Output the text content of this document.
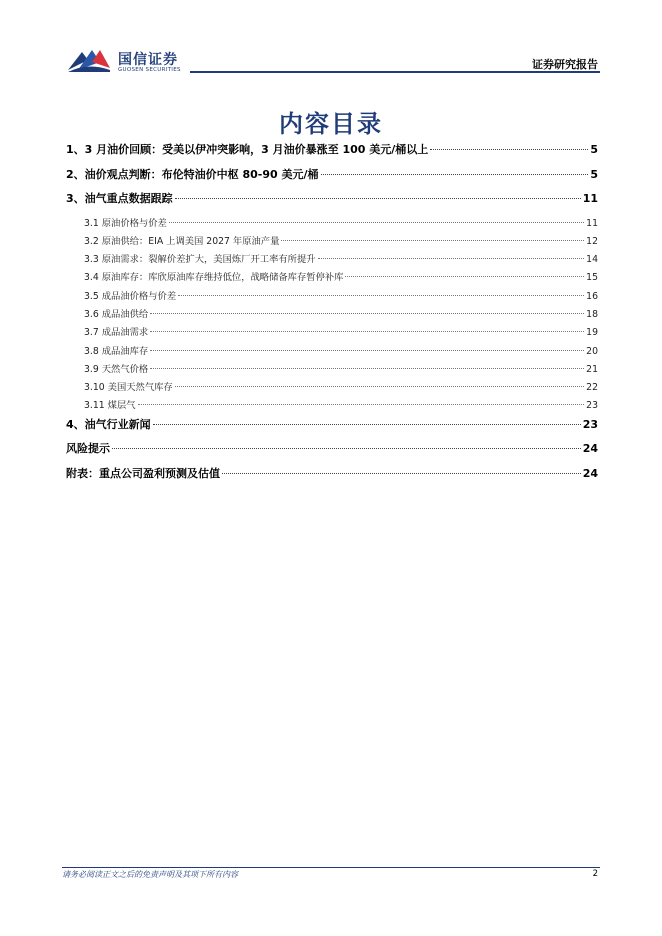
国信证券
GUOSEN SECURITIES	证券研究报告
内容目录
1、3 月油价回顾：受美以伊冲突影响，3 月油价暴涨至 100 美元/桶以上	5
2、油价观点判断：布伦特油价中枢 80-90 美元/桶	5
3、油气重点数据跟踪	11
3.1 原油价格与价差	11
3.2 原油供给：EIA 上调美国 2027 年原油产量	12
3.3 原油需求：裂解价差扩大，美国炼厂开工率有所提升	14
3.4 原油库存：库欣原油库存维持低位，战略储备库存暂停补库	15
3.5 成品油价格与价差	16
3.6 成品油供给	18
3.7 成品油需求	19
3.8 成品油库存	20
3.9 天然气价格	21
3.10 美国天然气库存	22
3.11 煤层气	23
4、油气行业新闻	23
风险提示	24
附表：重点公司盈利预测及估值	24
请务必阅读正文之后的免责声明及其项下所有内容	2
